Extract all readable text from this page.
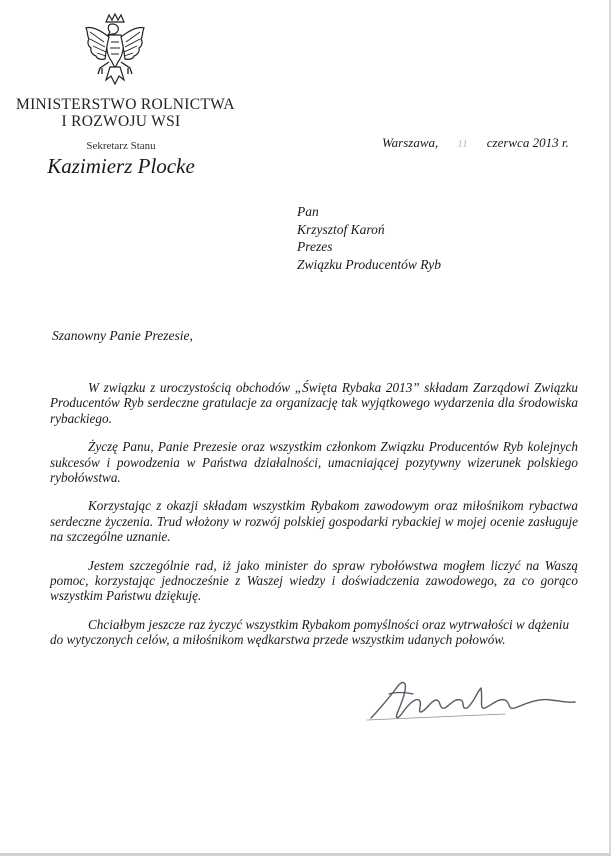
MINISTERSTWO ROLNICTWA
I ROZWOJU WSI
Sekretarz Stanu
Kazimierz Plocke
Warszawa, 11 czerwca 2013 r.
Pan
Krzysztof Karoń
Prezes
Związku Producentów Ryb
Szanowny Panie Prezesie,

W związku z uroczystością obchodów „Święta Rybaka 2013” składam Zarządowi Związku Producentów Ryb serdeczne gratulacje za organizację tak wyjątkowego wydarzenia dla środowiska rybackiego.

Życzę Panu, Panie Prezesie oraz wszystkim członkom Związku Producentów Ryb kolejnych sukcesów i powodzenia w Państwa działalności, umacniającej pozytywny wizerunek polskiego rybołówstwa.

Korzystając z okazji składam wszystkim Rybakom zawodowym oraz miłośnikom rybactwa serdeczne życzenia. Trud włożony w rozwój polskiej gospodarki rybackiej w mojej ocenie zasługuje na szczególne uznanie.

Jestem szczególnie rad, iż jako minister do spraw rybołówstwa mogłem liczyć na Waszą pomoc, korzystając jednocześnie z Waszej wiedzy i doświadczenia zawodowego, za co gorąco wszystkim Państwu dziękuję.

Chciałbym jeszcze raz życzyć wszystkim Rybakom pomyślności oraz wytrwałości w dążeniu do wytyczonych celów, a miłośnikom wędkarstwa przede wszystkim udanych połowów.
